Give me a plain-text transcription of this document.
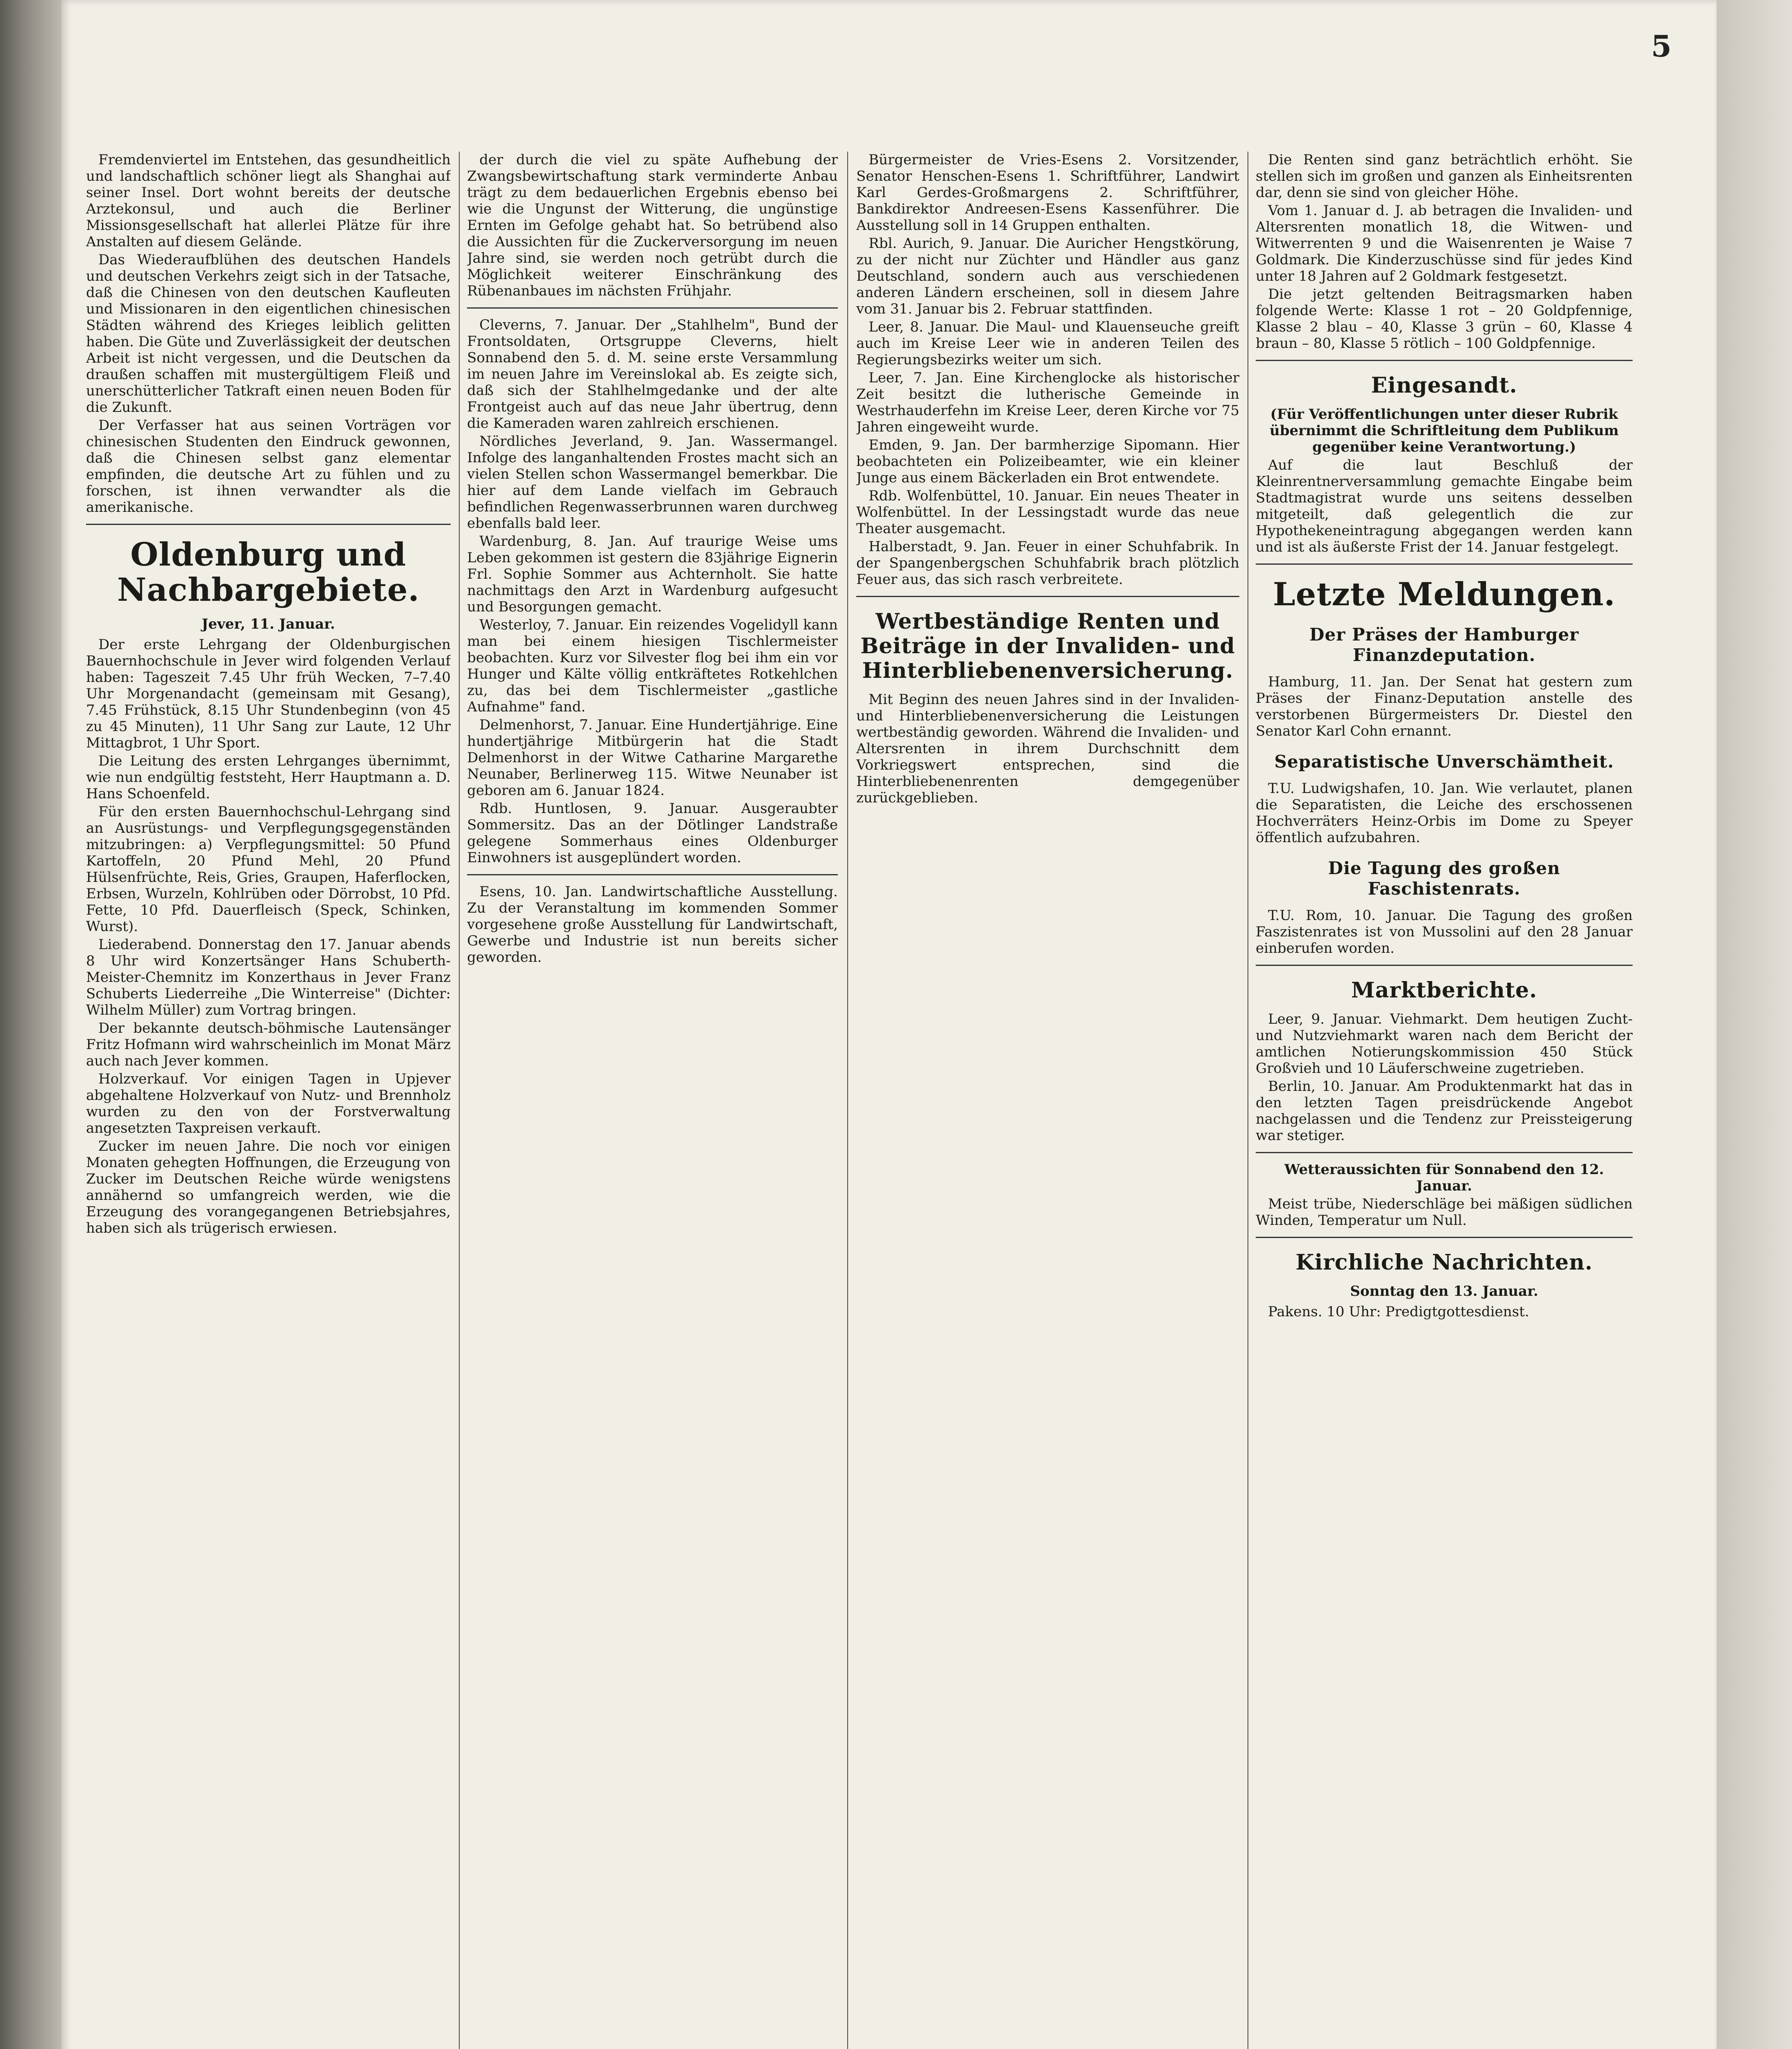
5

Fremdenviertel im Entstehen, das gesundheitlich und landschaftlich schöner liegt als Shanghai auf seiner Insel. Dort wohnt bereits der deutsche Arztekonsul, und auch die Berliner Missionsgesellschaft hat allerlei Plätze für ihre Anstalten auf diesem Gelände.

Das Wiederaufblühen des deutschen Handels und deutschen Verkehrs zeigt sich in der Tatsache, daß die Chinesen von den deutschen Kaufleuten und Missionaren in den eigentlichen chinesischen Städten während des Krieges leiblich gelitten haben. Die Güte und Zuverlässigkeit der deutschen Arbeit ist nicht vergessen, und die Deutschen da draußen schaffen mit mustergültigem Fleiß und unerschütterlicher Tatkraft einen neuen Boden für die Zukunft.

Der Verfasser hat aus seinen Vorträgen vor chinesischen Studenten den Eindruck gewonnen, daß die Chinesen selbst ganz elementar empfinden, die deutsche Art zu fühlen und zu forschen, ist ihnen verwandter als die amerikanische.

Oldenburg und Nachbargebiete.
Jever, 11. Januar.

Der erste Lehrgang der Oldenburgischen Bauernhochschule in Jever wird folgenden Verlauf haben: Tageszeit 7.45 Uhr früh Wecken, 7–7.40 Uhr Morgenandacht (gemeinsam mit Gesang), 7.45 Frühstück, 8.15 Uhr Stundenbeginn (von 45 zu 45 Minuten), 11 Uhr Sang zur Laute, 12 Uhr Mittagbrot, 1 Uhr Sport.

Die Leitung des ersten Lehrganges übernimmt, wie nun endgültig feststeht, Herr Hauptmann a. D. Hans Schoenfeld.

Für den ersten Bauernhochschul-Lehrgang sind an Ausrüstungs- und Verpflegungsgegenständen mitzubringen: a) Verpflegungsmittel: 50 Pfund Kartoffeln, 20 Pfund Mehl, 20 Pfund Hülsenfrüchte, Reis, Gries, Graupen, Haferflocken, Erbsen, Wurzeln, Kohlrüben oder Dörrobst, 10 Pfd. Fette, 10 Pfd. Dauerfleisch (Speck, Schinken, Wurst).

Liederabend. Donnerstag den 17. Januar abends 8 Uhr wird Konzertsänger Hans Schuberth-Meister-Chemnitz im Konzerthaus in Jever Franz Schuberts Liederreihe „Die Winterreise" (Dichter: Wilhelm Müller) zum Vortrag bringen.

Der bekannte deutsch-böhmische Lautensänger Fritz Hofmann wird wahrscheinlich im Monat März auch nach Jever kommen.

Holzverkauf. Vor einigen Tagen in Upjever abgehaltene Holzverkauf von Nutz- und Brennholz wurden zu den von der Forstverwaltung angesetzten Taxpreisen verkauft.

Zucker im neuen Jahre. Die noch vor einigen Monaten gehegten Hoffnungen, die Erzeugung von Zucker im Deutschen Reiche würde wenigstens annähernd so umfangreich werden, wie die Erzeugung des vorangegangenen Betriebsjahres, haben sich als trügerisch erwiesen.

der durch die viel zu späte Aufhebung der Zwangsbewirtschaftung stark verminderte Anbau trägt zu dem bedauerlichen Ergebnis ebenso bei wie die Ungunst der Witterung, die ungünstige Ernten im Gefolge gehabt hat. So betrübend also die Aussichten für die Zuckerversorgung im neuen Jahre sind, sie werden noch getrübt durch die Möglichkeit weiterer Einschränkung des Rübenanbaues im nächsten Frühjahr.

Cleverns, 7. Januar. Der „Stahlhelm", Bund der Frontsoldaten, Ortsgruppe Cleverns, hielt Sonnabend den 5. d. M. seine erste Versammlung im neuen Jahre im Vereinslokal ab. Es zeigte sich, daß sich der Stahlhelmgedanke und der alte Frontgeist auch auf das neue Jahr übertrug, denn die Kameraden waren zahlreich erschienen.

Nördliches Jeverland, 9. Jan. Wassermangel. Infolge des langanhaltenden Frostes macht sich an vielen Stellen schon Wassermangel bemerkbar. Die hier auf dem Lande vielfach im Gebrauch befindlichen Regenwasserbrunnen waren durchweg ebenfalls bald leer.

Wardenburg, 8. Jan. Auf traurige Weise ums Leben gekommen ist gestern die 83jährige Eignerin Frl. Sophie Sommer aus Achternholt. Sie hatte nachmittags den Arzt in Wardenburg aufgesucht und Besorgungen gemacht.

Westerloy, 7. Januar. Ein reizendes Vogelidyll kann man bei einem hiesigen Tischlermeister beobachten. Kurz vor Silvester flog bei ihm ein vor Hunger und Kälte völlig entkräftetes Rotkehlchen zu, das bei dem Tischlermeister „gastliche Aufnahme" fand.

Delmenhorst, 7. Januar. Eine Hundertjährige. Eine hundertjährige Mitbürgerin hat die Stadt Delmenhorst in der Witwe Catharine Margarethe Neunaber, Berlinerweg 115. Witwe Neunaber ist geboren am 6. Januar 1824.

Rdb. Huntlosen, 9. Januar. Ausgeraubter Sommersitz. Das an der Dötlinger Landstraße gelegene Sommerhaus eines Oldenburger Einwohners ist ausgeplündert worden.

Esens, 10. Jan. Landwirtschaftliche Ausstellung. Zu der Veranstaltung im kommenden Sommer vorgesehene große Ausstellung für Landwirtschaft, Gewerbe und Industrie ist nun bereits sicher geworden.

Bürgermeister de Vries-Esens 2. Vorsitzender, Senator Henschen-Esens 1. Schriftführer, Landwirt Karl Gerdes-Großmargens 2. Schriftführer, Bankdirektor Andreesen-Esens Kassenführer. Die Ausstellung soll in 14 Gruppen enthalten.

Rbl. Aurich, 9. Januar. Die Auricher Hengstkörung, zu der nicht nur Züchter und Händler aus ganz Deutschland, sondern auch aus verschiedenen anderen Ländern erscheinen, soll in diesem Jahre vom 31. Januar bis 2. Februar stattfinden.

Leer, 8. Januar. Die Maul- und Klauenseuche greift auch im Kreise Leer wie in anderen Teilen des Regierungsbezirks weiter um sich.

Leer, 7. Jan. Eine Kirchenglocke als historischer Zeit besitzt die lutherische Gemeinde in Westrhauderfehn im Kreise Leer, deren Kirche vor 75 Jahren eingeweiht wurde.

Emden, 9. Jan. Der barmherzige Sipomann. Hier beobachteten ein Polizeibeamter, wie ein kleiner Junge aus einem Bäckerladen ein Brot entwendete.

Rdb. Wolfenbüttel, 10. Januar. Ein neues Theater in Wolfenbüttel. In der Lessingstadt wurde das neue Theater ausgemacht.

Halberstadt, 9. Jan. Feuer in einer Schuhfabrik. In der Spangenbergschen Schuhfabrik brach plötzlich Feuer aus, das sich rasch verbreitete.

Wertbeständige Renten und Beiträge in der Invaliden- und Hinterbliebenenversicherung.

Mit Beginn des neuen Jahres sind in der Invaliden- und Hinterbliebenenversicherung die Leistungen wertbeständig geworden. Während die Invaliden- und Altersrenten in ihrem Durchschnitt dem Vorkriegswert entsprechen, sind die Hinterbliebenenrenten demgegenüber zurückgeblieben.

Die Renten sind ganz beträchtlich erhöht. Sie stellen sich im großen und ganzen als Einheitsrenten dar, denn sie sind von gleicher Höhe.

Vom 1. Januar d. J. ab betragen die Invaliden- und Altersrenten monatlich 18, die Witwen- und Witwerrenten 9 und die Waisenrenten je Waise 7 Goldmark. Die Kinderzuschüsse sind für jedes Kind unter 18 Jahren auf 2 Goldmark festgesetzt.

Die jetzt geltenden Beitragsmarken haben folgende Werte: Klasse 1 rot – 20 Goldpfennige, Klasse 2 blau – 40, Klasse 3 grün – 60, Klasse 4 braun – 80, Klasse 5 rötlich – 100 Goldpfennige.

Eingesandt.

(Für Veröffentlichungen unter dieser Rubrik übernimmt die Schriftleitung dem Publikum gegenüber keine Verantwortung.)

Auf die laut Beschluß der Kleinrentnerversammlung gemachte Eingabe beim Stadtmagistrat wurde uns seitens desselben mitgeteilt, daß gelegentlich die zur Hypothekeneintragung abgegangen werden kann und ist als äußerste Frist der 14. Januar festgelegt.

Letzte Meldungen.
Der Präses der Hamburger Finanzdeputation.

Hamburg, 11. Jan. Der Senat hat gestern zum Präses der Finanz-Deputation anstelle des verstorbenen Bürgermeisters Dr. Diestel den Senator Karl Cohn ernannt.

Separatistische Unverschämtheit.

T.U. Ludwigshafen, 10. Jan. Wie verlautet, planen die Separatisten, die Leiche des erschossenen Hochverräters Heinz-Orbis im Dome zu Speyer öffentlich aufzubahren.

Die Tagung des großen Faschistenrats.

T.U. Rom, 10. Januar. Die Tagung des großen Faszistenrates ist von Mussolini auf den 28 Januar einberufen worden.

Marktberichte.

Leer, 9. Januar. Viehmarkt. Dem heutigen Zucht- und Nutzviehmarkt waren nach dem Bericht der amtlichen Notierungskommission 450 Stück Großvieh und 10 Läuferschweine zugetrieben.

Berlin, 10. Januar. Am Produktenmarkt hat das in den letzten Tagen preisdrückende Angebot nachgelassen und die Tendenz zur Preissteigerung war stetiger.

Wetteraussichten für Sonnabend den 12. Januar.

Meist trübe, Niederschläge bei mäßigen südlichen Winden, Temperatur um Null.

Kirchliche Nachrichten.
Sonntag den 13. Januar.

Pakens. 10 Uhr: Predigtgottesdienst.
